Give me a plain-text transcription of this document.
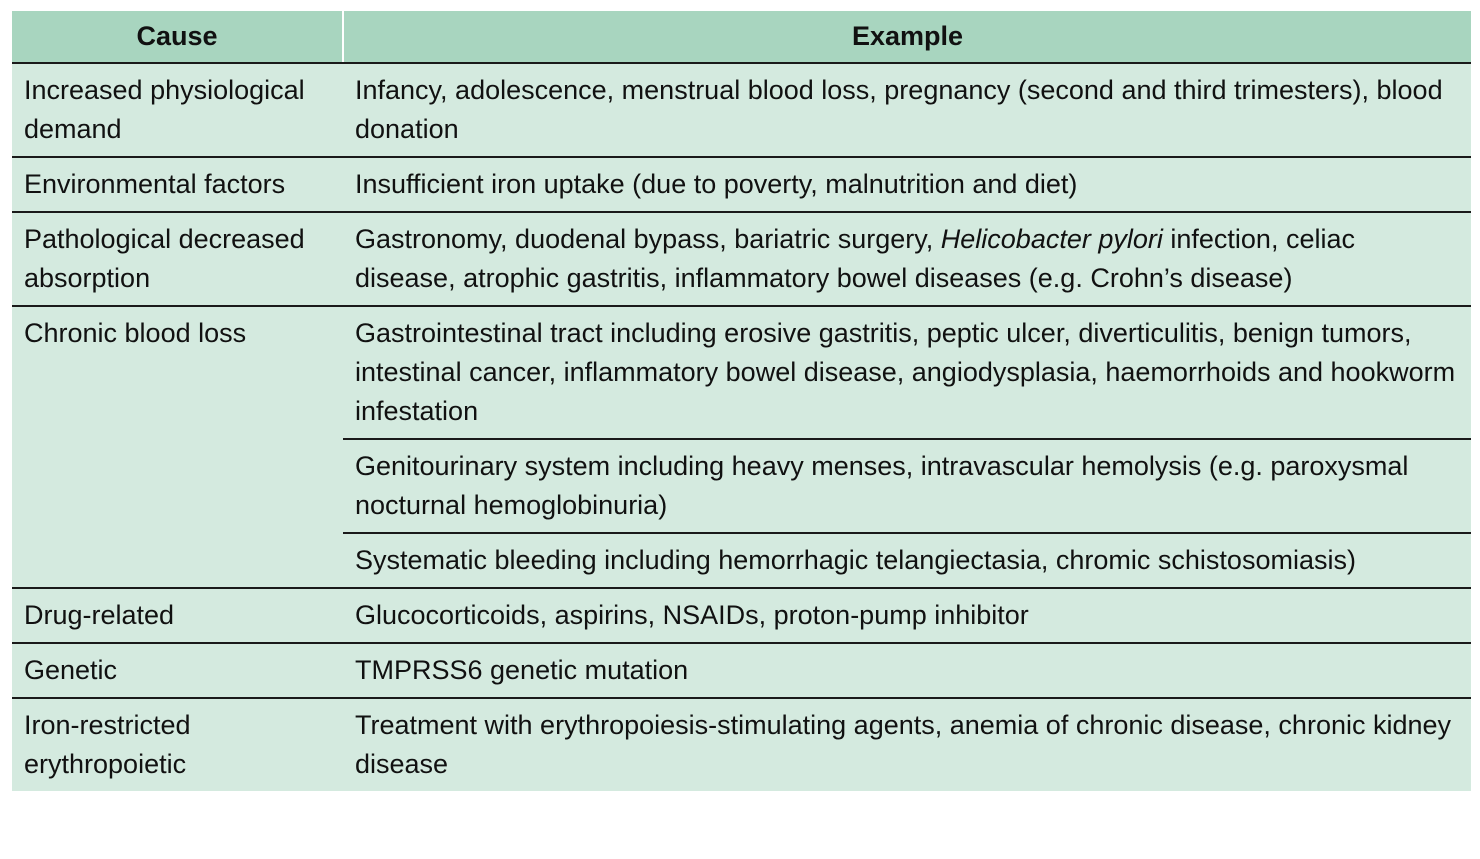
Cause	Example
Increased physiological demand	Infancy, adolescence, menstrual blood loss, pregnancy (second and third trimesters), blood donation
Environmental factors	Insufficient iron uptake (due to poverty, malnutrition and diet)
Pathological decreased absorption	Gastronomy, duodenal bypass, bariatric surgery, Helicobacter pylori infection, celiac disease, atrophic gastritis, inflammatory bowel diseases (e.g. Crohn’s disease)
Chronic blood loss	Gastrointestinal tract including erosive gastritis, peptic ulcer, diverticulitis, benign tumors, intestinal cancer, inflammatory bowel disease, angiodysplasia, haemorrhoids and hookworm infestation
	Genitourinary system including heavy menses, intravascular hemolysis (e.g. paroxysmal nocturnal hemoglobinuria)
	Systematic bleeding including hemorrhagic telangiectasia, chromic schistosomiasis)
Drug-related	Glucocorticoids, aspirins, NSAIDs, proton-pump inhibitor
Genetic	TMPRSS6 genetic mutation
Iron-restricted erythropoietic	Treatment with erythropoiesis-stimulating agents, anemia of chronic disease, chronic kidney disease
